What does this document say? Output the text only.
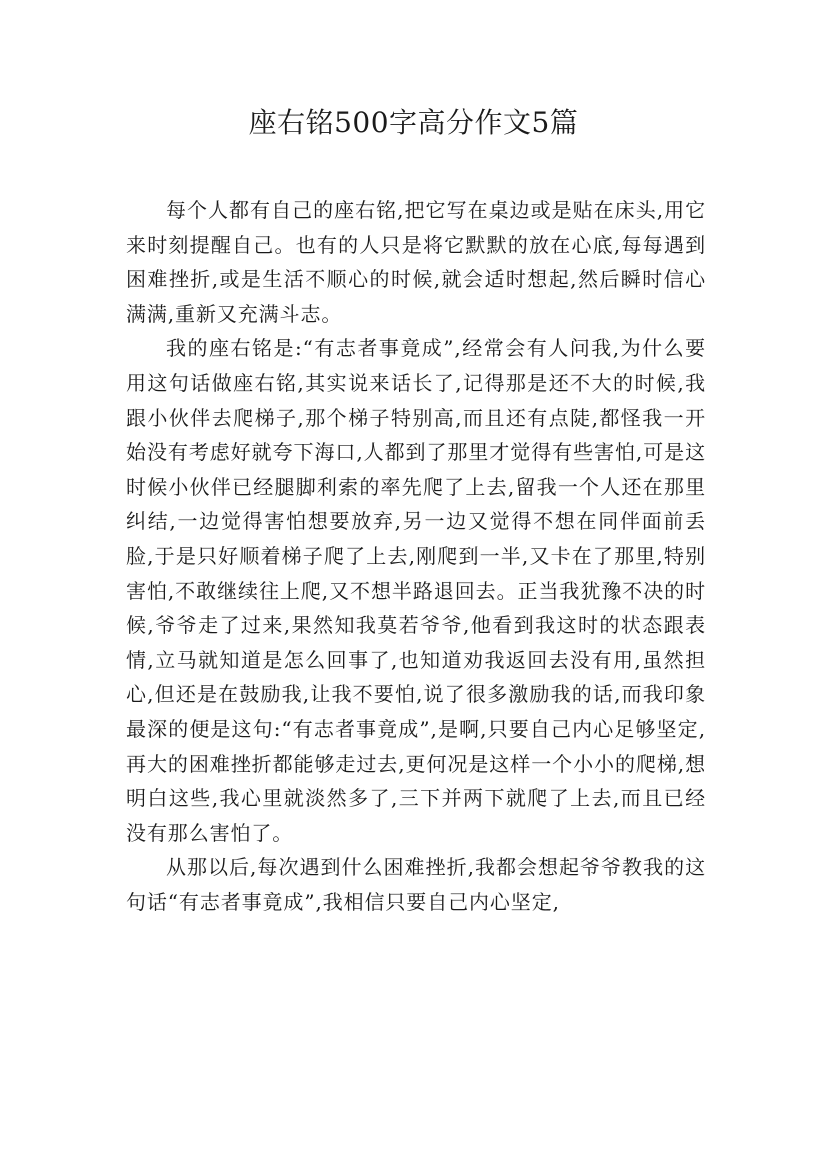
座右铭500字高分作文5篇

每个人都有自己的座右铭,把它写在桌边或是贴在床头,用它来时刻提醒自己。也有的人只是将它默默的放在心底,每每遇到困难挫折,或是生活不顺心的时候,就会适时想起,然后瞬时信心满满,重新又充满斗志。

我的座右铭是:“有志者事竟成”,经常会有人问我,为什么要用这句话做座右铭,其实说来话长了,记得那是还不大的时候,我跟小伙伴去爬梯子,那个梯子特别高,而且还有点陡,都怪我一开始没有考虑好就夸下海口,人都到了那里才觉得有些害怕,可是这时候小伙伴已经腿脚利索的率先爬了上去,留我一个人还在那里纠结,一边觉得害怕想要放弃,另一边又觉得不想在同伴面前丢脸,于是只好顺着梯子爬了上去,刚爬到一半,又卡在了那里,特别害怕,不敢继续往上爬,又不想半路退回去。正当我犹豫不决的时候,爷爷走了过来,果然知我莫若爷爷,他看到我这时的状态跟表情,立马就知道是怎么回事了,也知道劝我返回去没有用,虽然担心,但还是在鼓励我,让我不要怕,说了很多激励我的话,而我印象最深的便是这句:“有志者事竟成”,是啊,只要自己内心足够坚定,再大的困难挫折都能够走过去,更何况是这样一个小小的爬梯,想明白这些,我心里就淡然多了,三下并两下就爬了上去,而且已经没有那么害怕了。

从那以后,每次遇到什么困难挫折,我都会想起爷爷教我的这句话“有志者事竟成”,我相信只要自己内心坚定,
